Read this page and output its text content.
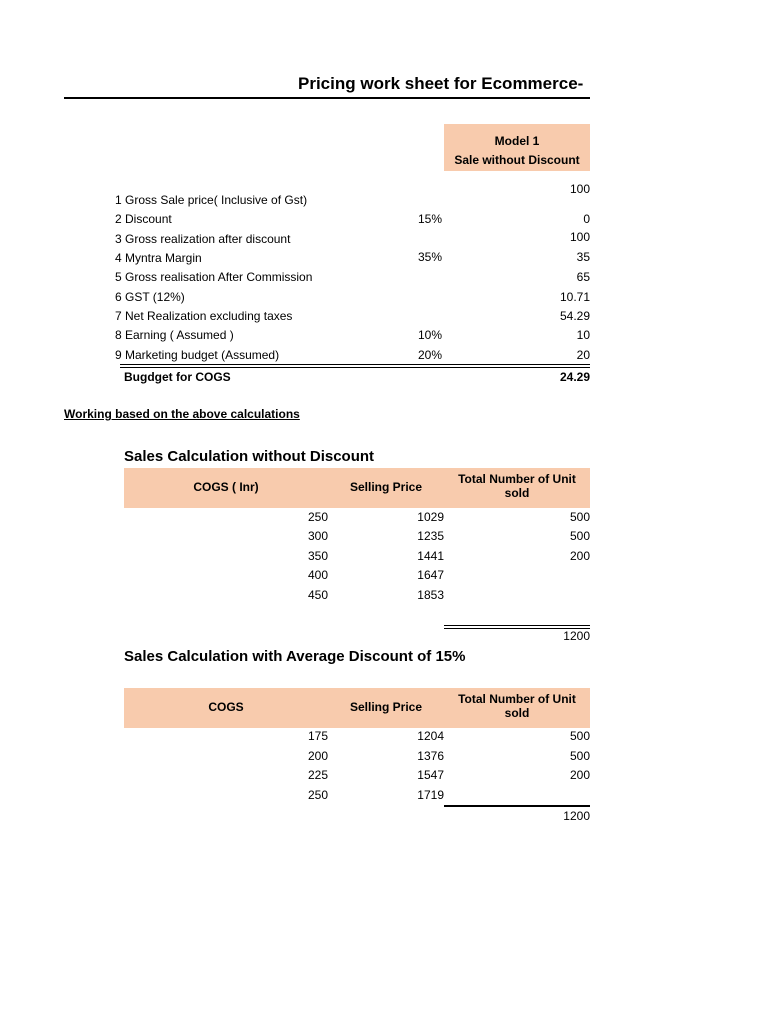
Pricing work sheet for Ecommerce-
Model 1
Sale without Discount
1 Gross Sale price( Inclusive of Gst)
100
2 Discount	15%	0
3 Gross realization after discount	100
4 Myntra Margin	35%	35
5 Gross realisation After Commission	65
6 GST (12%)	10.71
7 Net Realization excluding taxes	54.29
8 Earning ( Assumed )	10%	10
9 Marketing budget (Assumed)	20%	20
Bugdget for COGS	24.29
Working based on the above calculations
Sales Calculation without Discount
COGS ( Inr)	Selling Price
Total Number of Unit sold
250	1029	500
300	1235	500
350	1441	200
400	1647
450	1853
1200
Sales Calculation with Average Discount of 15%
COGS	Selling Price
Total Number of Unit sold
175	1204	500
200	1376	500
225	1547	200
250	1719
1200
